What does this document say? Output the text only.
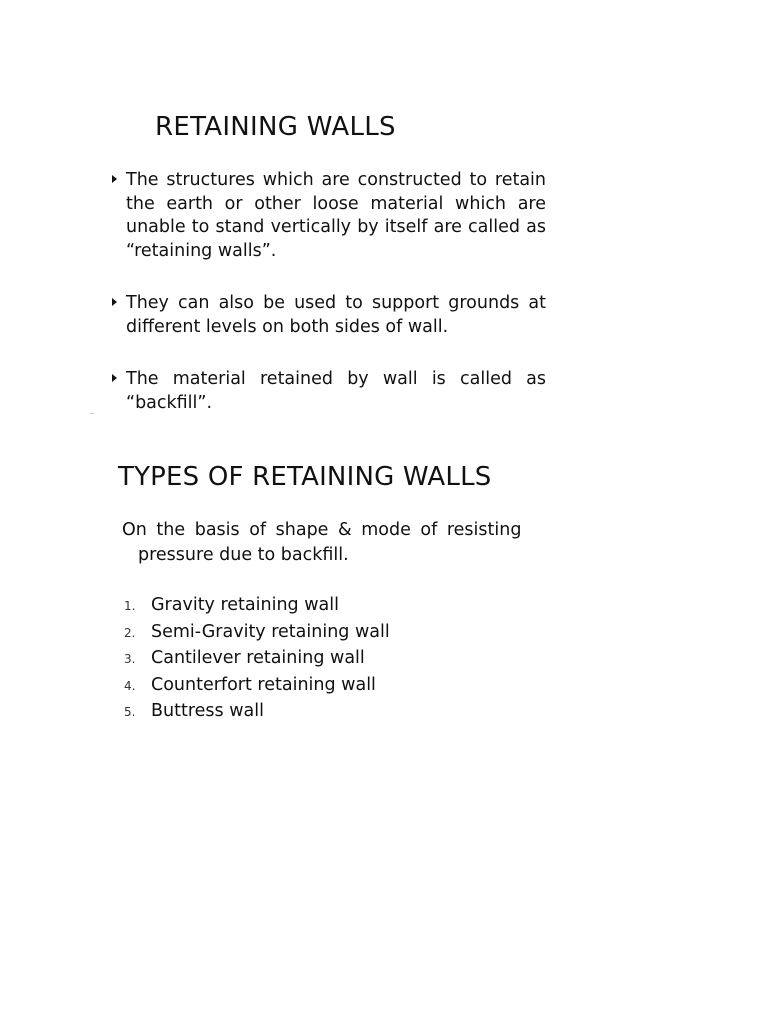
RETAINING WALLS
The structures which are constructed to retain the earth or other loose material which are unable to stand vertically by itself are called as “retaining walls”.
They can also be used to support grounds at different levels on both sides of wall.
The material retained by wall is called as “backfill”.
TYPES OF RETAINING WALLS

On the basis of shape & mode of resisting
pressure due to backfill.

1. Gravity retaining wall
2. Semi-Gravity retaining wall
3. Cantilever retaining wall
4. Counterfort retaining wall
5. Buttress wall
